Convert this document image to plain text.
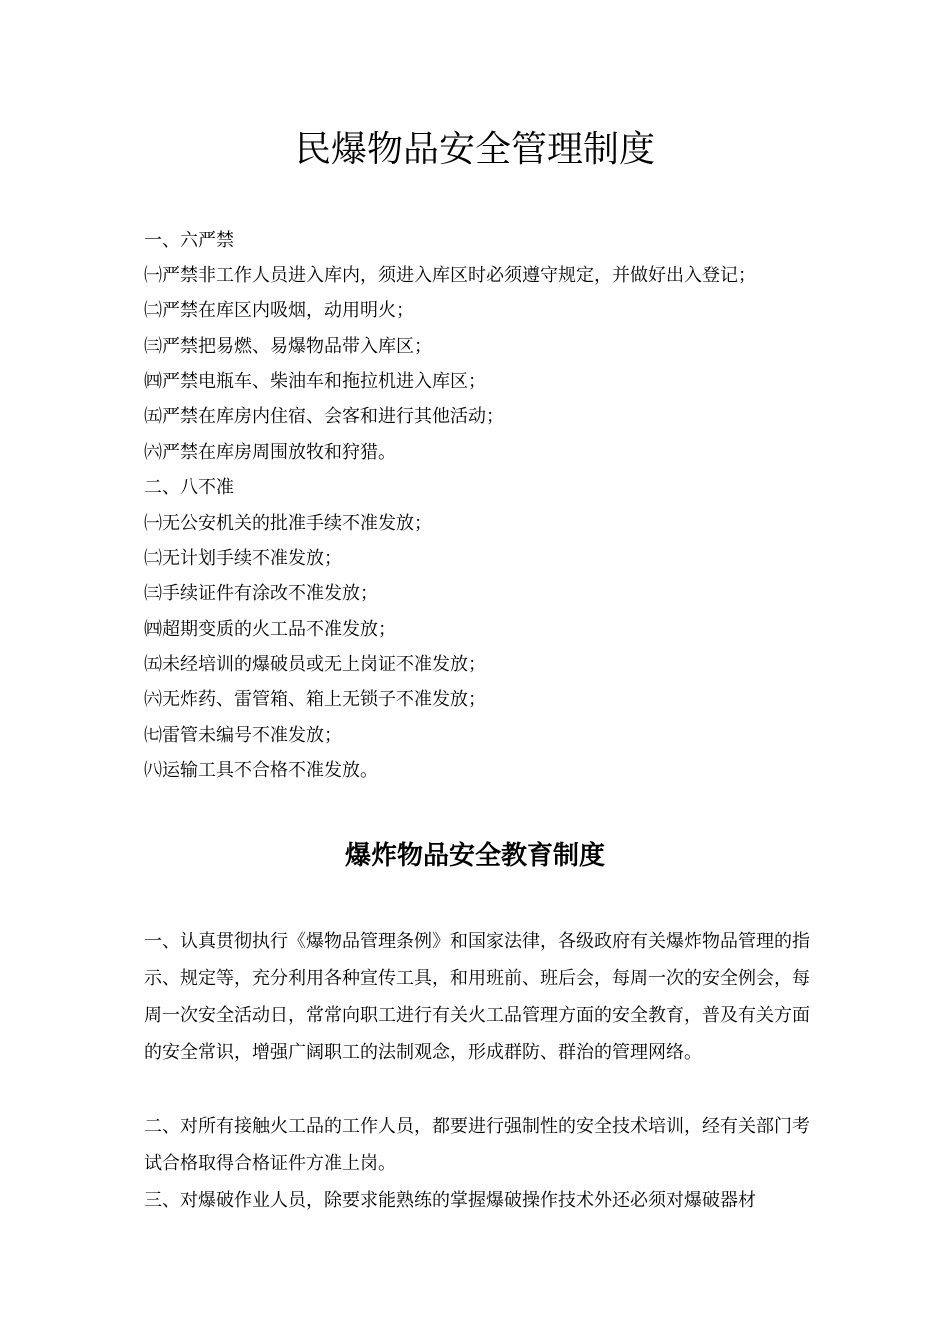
民爆物品安全管理制度

一、六严禁

㈠严禁非工作人员进入库内，须进入库区时必须遵守规定，并做好出入登记；

㈡严禁在库区内吸烟，动用明火；

㈢严禁把易燃、易爆物品带入库区；

㈣严禁电瓶车、柴油车和拖拉机进入库区；

㈤严禁在库房内住宿、会客和进行其他活动；

㈥严禁在库房周围放牧和狩猎。

二、八不准

㈠无公安机关的批准手续不准发放；

㈡无计划手续不准发放；

㈢手续证件有涂改不准发放；

㈣超期变质的火工品不准发放；

㈤未经培训的爆破员或无上岗证不准发放；

㈥无炸药、雷管箱、箱上无锁子不准发放；

㈦雷管未编号不准发放；

㈧运输工具不合格不准发放。

爆炸物品安全教育制度

一、认真贯彻执行《爆物品管理条例》和国家法律，各级政府有关爆炸物品管理的指示、规定等，充分利用各种宣传工具，和用班前、班后会，每周一次的安全例会，每周一次安全活动日，常常向职工进行有关火工品管理方面的安全教育，普及有关方面的安全常识，增强广阔职工的法制观念，形成群防、群治的管理网络。

二、对所有接触火工品的工作人员，都要进行强制性的安全技术培训，经有关部门考试合格取得合格证件方准上岗。

三、对爆破作业人员，除要求能熟练的掌握爆破操作技术外还必须对爆破器材
